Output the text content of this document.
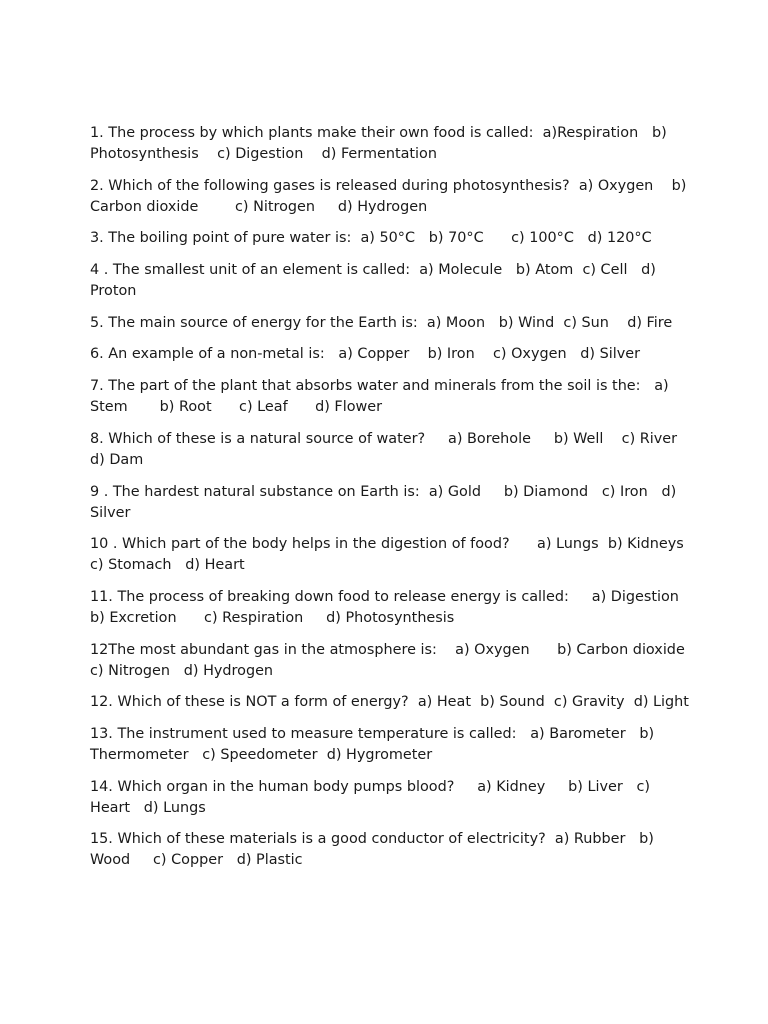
1. The process by which plants make their own food is called:  a)Respiration   b) Photosynthesis    c) Digestion    d) Fermentation

2. Which of the following gases is released during photosynthesis?  a) Oxygen    b) Carbon dioxide        c) Nitrogen     d) Hydrogen

3. The boiling point of pure water is:  a) 50°C   b) 70°C      c) 100°C   d) 120°C

4 . The smallest unit of an element is called:  a) Molecule   b) Atom  c) Cell   d) Proton

5. The main source of energy for the Earth is:  a) Moon   b) Wind  c) Sun    d) Fire

6. An example of a non-metal is:   a) Copper    b) Iron    c) Oxygen   d) Silver

7. The part of the plant that absorbs water and minerals from the soil is the:   a) Stem       b) Root      c) Leaf      d) Flower

8. Which of these is a natural source of water?     a) Borehole     b) Well    c) River   d) Dam

9 . The hardest natural substance on Earth is:  a) Gold     b) Diamond   c) Iron   d) Silver

10 . Which part of the body helps in the digestion of food?      a) Lungs  b) Kidneys  c) Stomach   d) Heart

11. The process of breaking down food to release energy is called:     a) Digestion     b) Excretion      c) Respiration     d) Photosynthesis

12The most abundant gas in the atmosphere is:    a) Oxygen      b) Carbon dioxide   c) Nitrogen   d) Hydrogen

12. Which of these is NOT a form of energy?  a) Heat  b) Sound  c) Gravity  d) Light

13. The instrument used to measure temperature is called:   a) Barometer   b) Thermometer   c) Speedometer  d) Hygrometer

14. Which organ in the human body pumps blood?     a) Kidney     b) Liver   c) Heart   d) Lungs

15. Which of these materials is a good conductor of electricity?  a) Rubber   b) Wood     c) Copper   d) Plastic
